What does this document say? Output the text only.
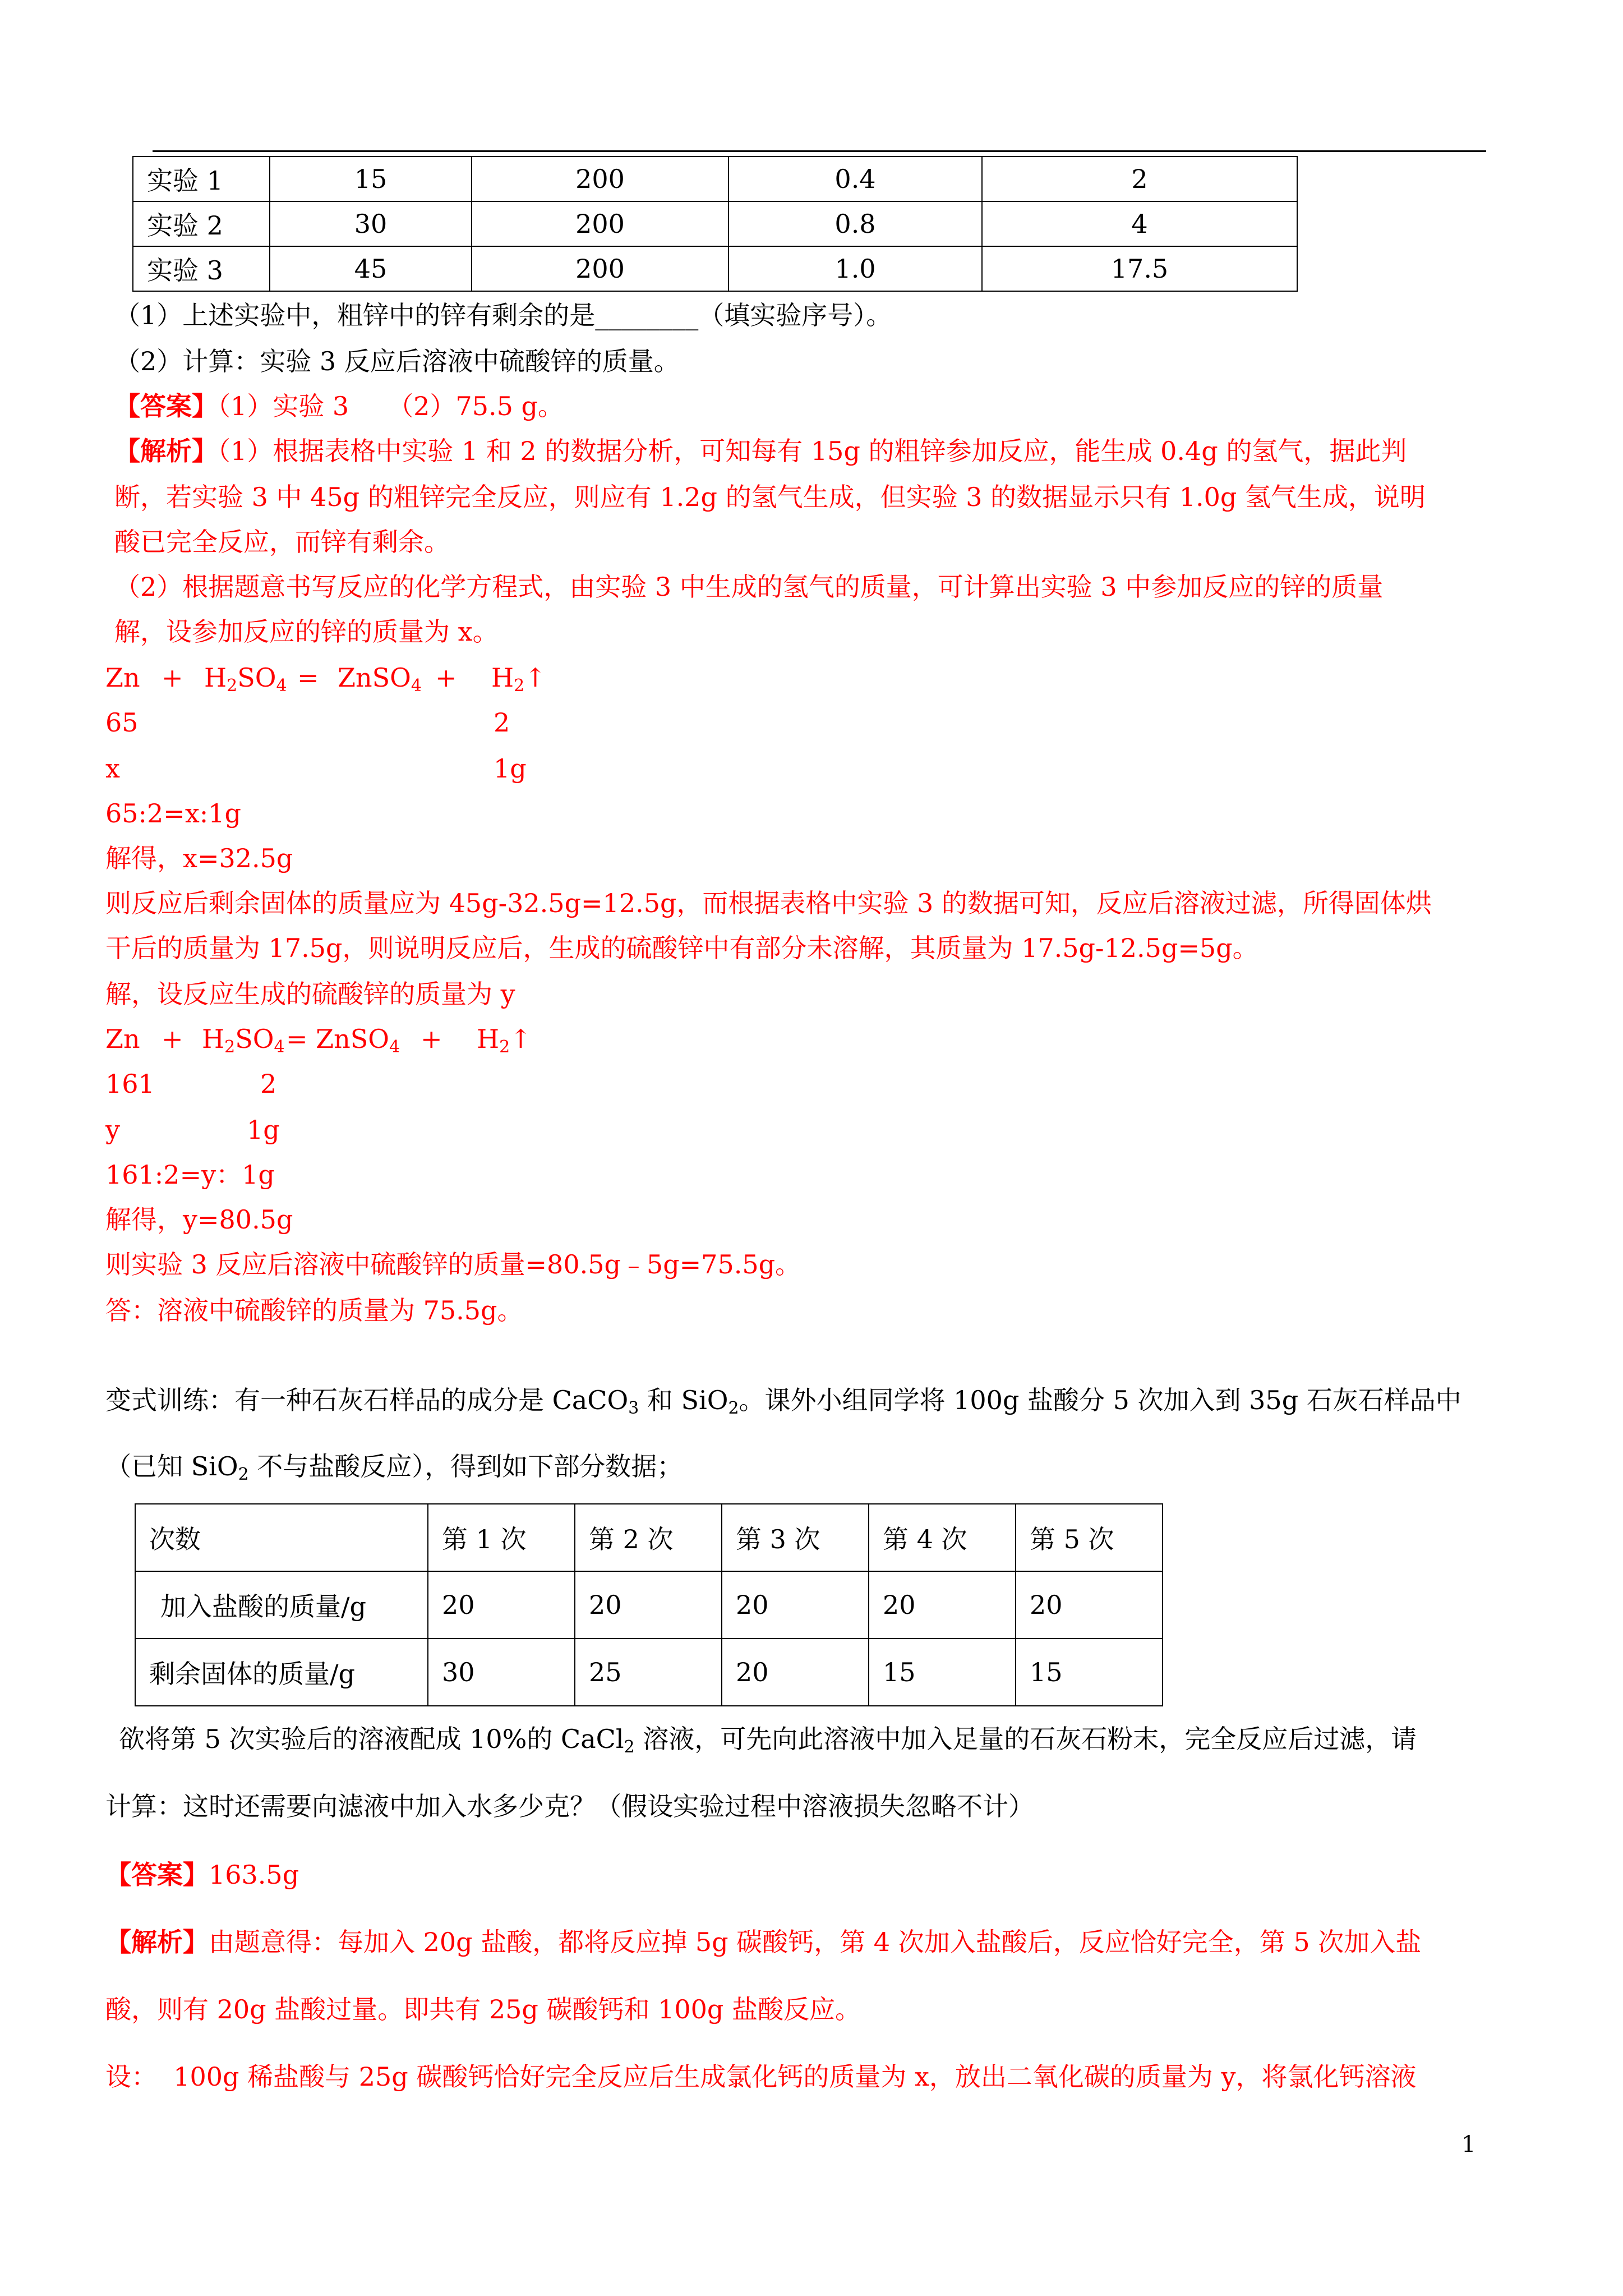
实验 1	15	200	0.4	2
实验 2	30	200	0.8	4
实验 3	45	200	1.0	17.5
（1）上述实验中，粗锌中的锌有剩余的是________（填实验序号）。
（2）计算：实验 3 反应后溶液中硫酸锌的质量。
【答案】（1）实验 3　　（2）75.5 g。
【解析】（1）根据表格中实验 1 和 2 的数据分析，可知每有 15g 的粗锌参加反应，能生成 0.4g 的氢气，据此判
断，若实验 3 中 45g 的粗锌完全反应，则应有 1.2g 的氢气生成，但实验 3 的数据显示只有 1.0g 氢气生成，说明
酸已完全反应，而锌有剩余。
（2）根据题意书写反应的化学方程式，由实验 3 中生成的氢气的质量，可计算出实验 3 中参加反应的锌的质量
解，设参加反应的锌的质量为 x。
$Zn + H_2SO_4$ = ZnSO$_4$ + $H_2↑$
65	2
x	1g
65:2=x:1g
解得，x=32.5g
则反应后剩余固体的质量应为 45g-32.5g=12.5g，而根据表格中实验 3 的数据可知，反应后溶液过滤，所得固体烘
干后的质量为 17.5g，则说明反应后，生成的硫酸锌中有部分未溶解，其质量为 17.5g-12.5g=5g。
解，设反应生成的硫酸锌的质量为 y
$Zn + H_2SO_4$ = ZnSO$_4$ + $H_2↑$
161	2
y	1g
161:2=y：1g
解得，y=80.5g
则实验 3 反应后溶液中硫酸锌的质量=80.5g﹣5g=75.5g。
答：溶液中硫酸锌的质量为 75.5g。
变式训练：有一种石灰石样品的成分是 CaCO$_3$ 和 SiO$_2$。课外小组同学将 100g 盐酸分 5 次加入到 35g 石灰石样品中
（已知 SiO$_2$ 不与盐酸反应），得到如下部分数据；
次数	第 1 次	第 2 次	第 3 次	第 4 次	第 5 次
加入盐酸的质量/g	20	20	20	20	20
剩余固体的质量/g	30	25	20	15	15
欲将第 5 次实验后的溶液配成 10%的 CaCl$_2$ 溶液，可先向此溶液中加入足量的石灰石粉末，完全反应后过滤，请
计算：这时还需要向滤液中加入水多少克？（假设实验过程中溶液损失忽略不计）
【答案】163.5g
【解析】由题意得：每加入 20g 盐酸，都将反应掉 5g 碳酸钙，第 4 次加入盐酸后，反应恰好完全，第 5 次加入盐
酸，则有 20g 盐酸过量。即共有 25g 碳酸钙和 100g 盐酸反应。
设：  100g 稀盐酸与 25g 碳酸钙恰好完全反应后生成氯化钙的质量为 x，放出二氧化碳的质量为 y，将氯化钙溶液
1
